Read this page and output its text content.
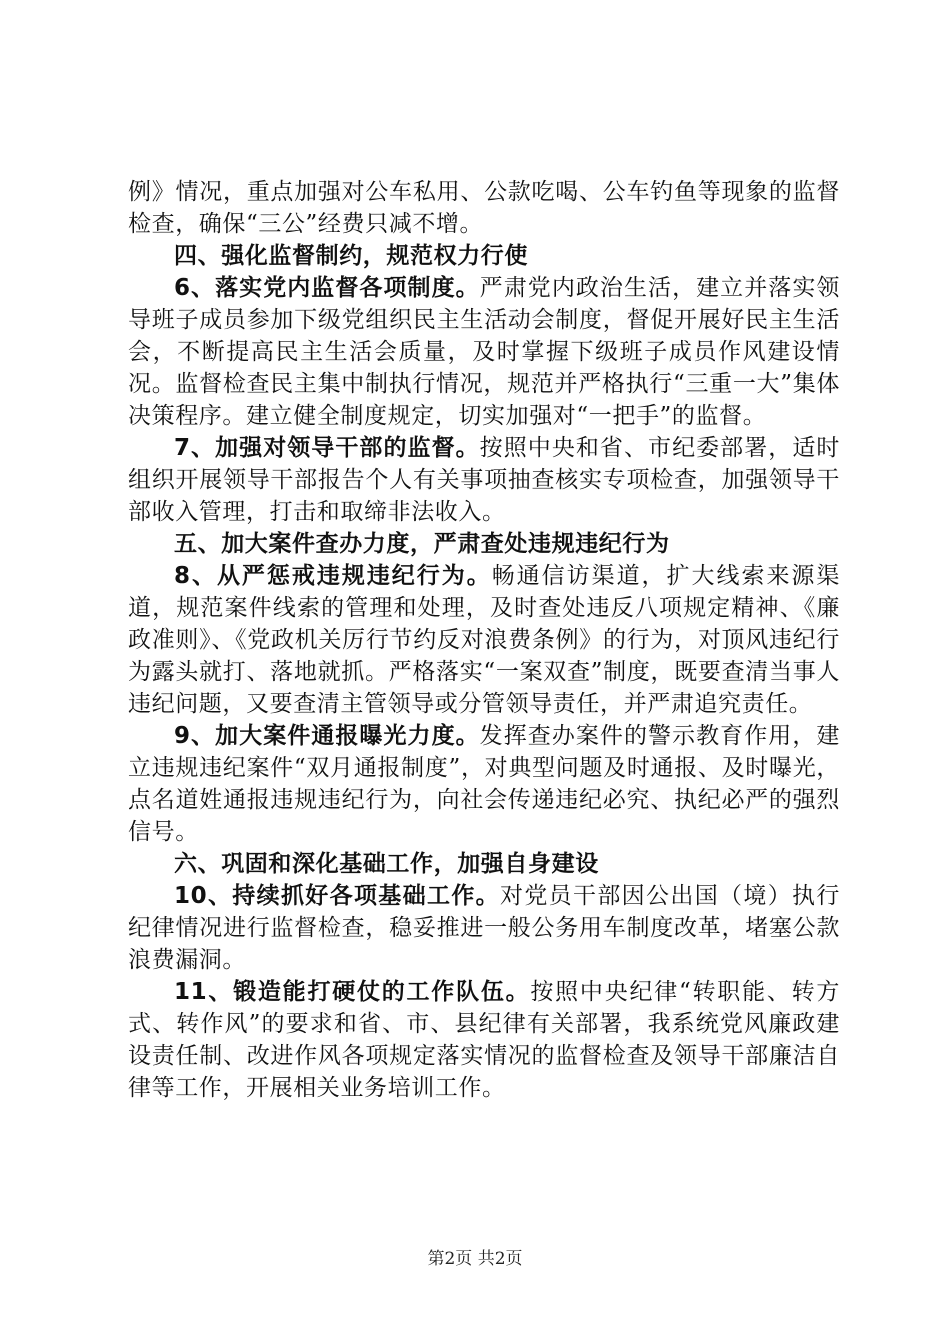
例》情况，重点加强对公车私用、公款吃喝、公车钓鱼等现象的监督检查，确保“三公”经费只减不增。

四、强化监督制约，规范权力行使

6、落实党内监督各项制度。严肃党内政治生活，建立并落实领导班子成员参加下级党组织民主生活动会制度，督促开展好民主生活会，不断提高民主生活会质量，及时掌握下级班子成员作风建设情况。监督检查民主集中制执行情况，规范并严格执行“三重一大”集体决策程序。建立健全制度规定，切实加强对“一把手”的监督。

7、加强对领导干部的监督。按照中央和省、市纪委部署，适时组织开展领导干部报告个人有关事项抽查核实专项检查，加强领导干部收入管理，打击和取缔非法收入。

五、加大案件查办力度，严肃查处违规违纪行为

8、从严惩戒违规违纪行为。畅通信访渠道，扩大线索来源渠道，规范案件线索的管理和处理，及时查处违反八项规定精神、《廉政准则》、《党政机关厉行节约反对浪费条例》的行为，对顶风违纪行为露头就打、落地就抓。严格落实“一案双查”制度，既要查清当事人违纪问题，又要查清主管领导或分管领导责任，并严肃追究责任。

9、加大案件通报曝光力度。发挥查办案件的警示教育作用，建立违规违纪案件“双月通报制度”，对典型问题及时通报、及时曝光，点名道姓通报违规违纪行为，向社会传递违纪必究、执纪必严的强烈信号。

六、巩固和深化基础工作，加强自身建设

10、持续抓好各项基础工作。对党员干部因公出国（境）执行纪律情况进行监督检查，稳妥推进一般公务用车制度改革，堵塞公款浪费漏洞。

11、锻造能打硬仗的工作队伍。按照中央纪律“转职能、转方式、转作风”的要求和省、市、县纪律有关部署，我系统党风廉政建设责任制、改进作风各项规定落实情况的监督检查及领导干部廉洁自律等工作，开展相关业务培训工作。

第2页 共2页
